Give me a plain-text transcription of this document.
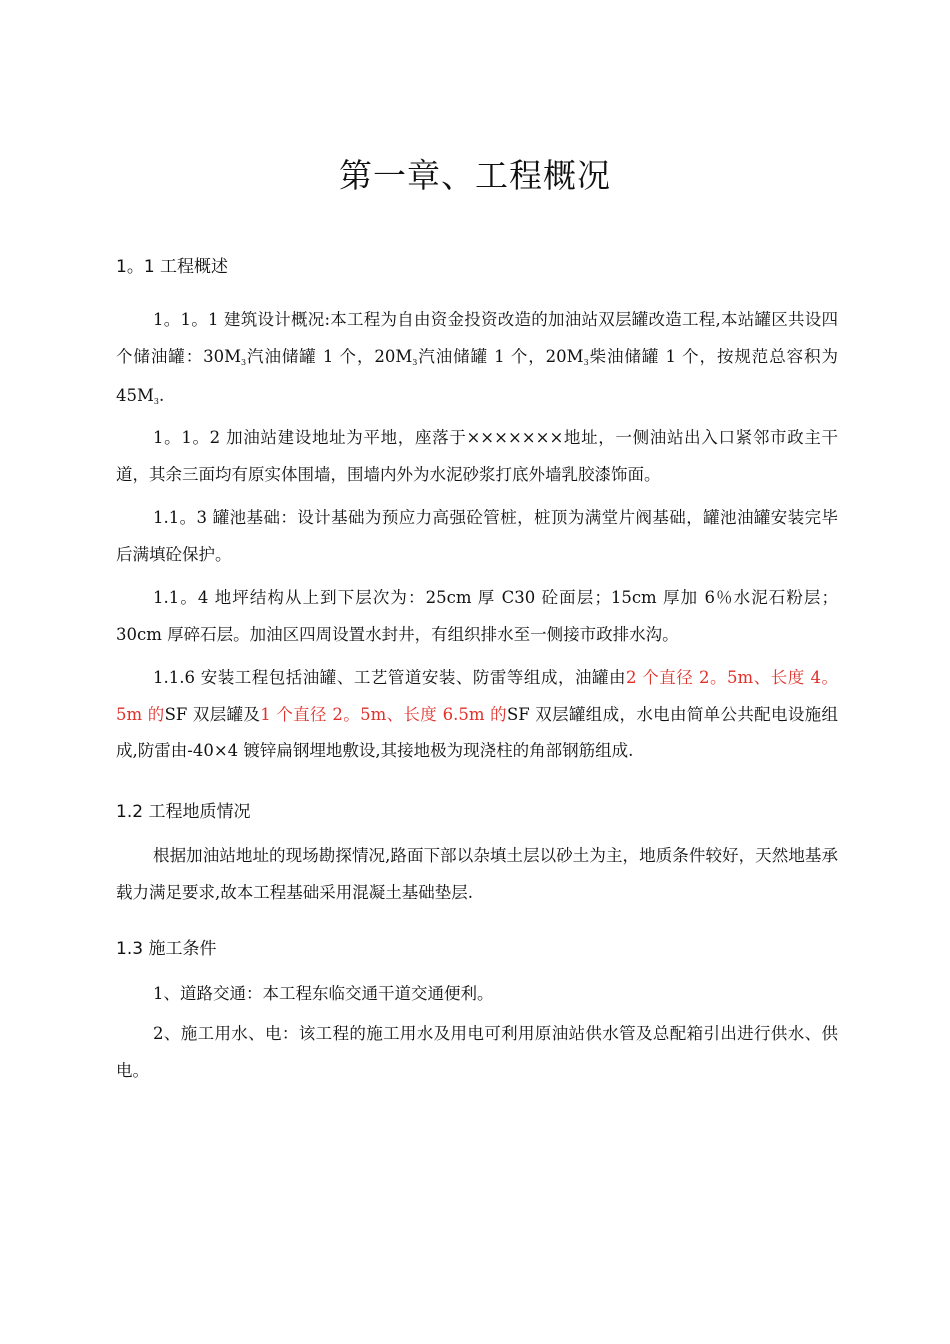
第一章、工程概况
1。1 工程概述
1。1。1 建筑设计概况:本工程为自由资金投资改造的加油站双层罐改造工程,本站罐区共设四个储油罐：$30M^3$汽油储罐 1 个，$20M^3$汽油储罐 1 个，$20M^3$柴油储罐 1 个，按规范总容积为 $45M^3$.
1。1。2 加油站建设地址为平地，座落于×××××××地址，一侧油站出入口紧邻市政主干道，其余三面均有原实体围墙，围墙内外为水泥砂浆打底外墙乳胶漆饰面。
1.1。3 罐池基础：设计基础为预应力高强砼管桩，桩顶为满堂片阀基础，罐池油罐安装完毕后满填砼保护。
1.1。4 地坪结构从上到下层次为：25cm 厚 C30 砼面层；15cm 厚加 6％水泥石粉层；30cm 厚碎石层。加油区四周设置水封井，有组织排水至一侧接市政排水沟。
1.1.6 安装工程包括油罐、工艺管道安装、防雷等组成，油罐由2 个直径 2。5m、长度 4。5m 的SF 双层罐及1 个直径 2。5m、长度 6.5m 的SF 双层罐组成，水电由简单公共配电设施组成,防雷由-40×4 镀锌扁钢埋地敷设,其接地极为现浇柱的角部钢筋组成.
1.2 工程地质情况
根据加油站地址的现场勘探情况,路面下部以杂填土层以砂土为主，地质条件较好，天然地基承载力满足要求,故本工程基础采用混凝土基础垫层.
1.3 施工条件
1、道路交通：本工程东临交通干道交通便利。
2、施工用水、电：该工程的施工用水及用电可利用原油站供水管及总配箱引出进行供水、供电。
